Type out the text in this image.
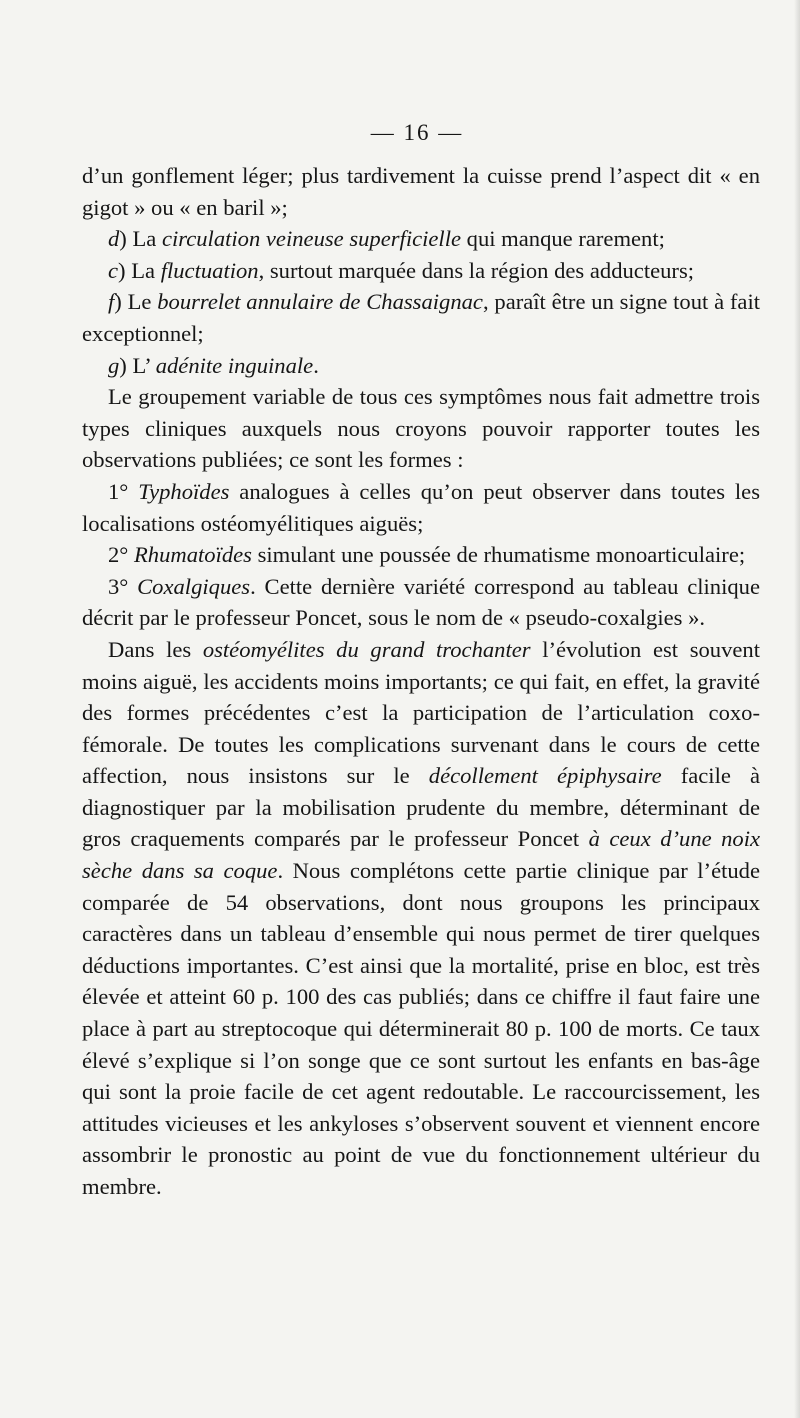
— 16 —

d’un gonflement léger; plus tardivement la cuisse prend l’aspect dit « en gigot » ou « en baril »;

d) La circulation veineuse superficielle qui manque rarement;

c) La fluctuation, surtout marquée dans la région des adducteurs;

f) Le bourrelet annulaire de Chassaignac, paraît être un signe tout à fait exceptionnel;

g) L’ adénite inguinale.

Le groupement variable de tous ces symptômes nous fait admettre trois types cliniques auxquels nous croyons pouvoir rapporter toutes les observations publiées; ce sont les formes :

1° Typhoïdes analogues à celles qu’on peut observer dans toutes les localisations ostéomyélitiques aiguës;

2° Rhumatoïdes simulant une poussée de rhumatisme monoarticulaire;

3° Coxalgiques. Cette dernière variété correspond au tableau clinique décrit par le professeur Poncet, sous le nom de « pseudo-coxalgies ».

Dans les ostéomyélites du grand trochanter l’évolution est souvent moins aiguë, les accidents moins importants; ce qui fait, en effet, la gravité des formes précédentes c’est la participation de l’articulation coxo-fémorale. De toutes les complications survenant dans le cours de cette affection, nous insistons sur le décollement épiphysaire facile à diagnostiquer par la mobilisation prudente du membre, déterminant de gros craquements comparés par le professeur Poncet à ceux d’une noix sèche dans sa coque. Nous complétons cette partie clinique par l’étude comparée de 54 observations, dont nous groupons les principaux caractères dans un tableau d’ensemble qui nous permet de tirer quelques déductions importantes. C’est ainsi que la mortalité, prise en bloc, est très élevée et atteint 60 p. 100 des cas publiés; dans ce chiffre il faut faire une place à part au streptocoque qui déterminerait 80 p. 100 de morts. Ce taux élevé s’explique si l’on songe que ce sont surtout les enfants en bas-âge qui sont la proie facile de cet agent redoutable. Le raccourcissement, les attitudes vicieuses et les ankyloses s’observent souvent et viennent encore assombrir le pronostic au point de vue du fonctionnement ultérieur du membre.
